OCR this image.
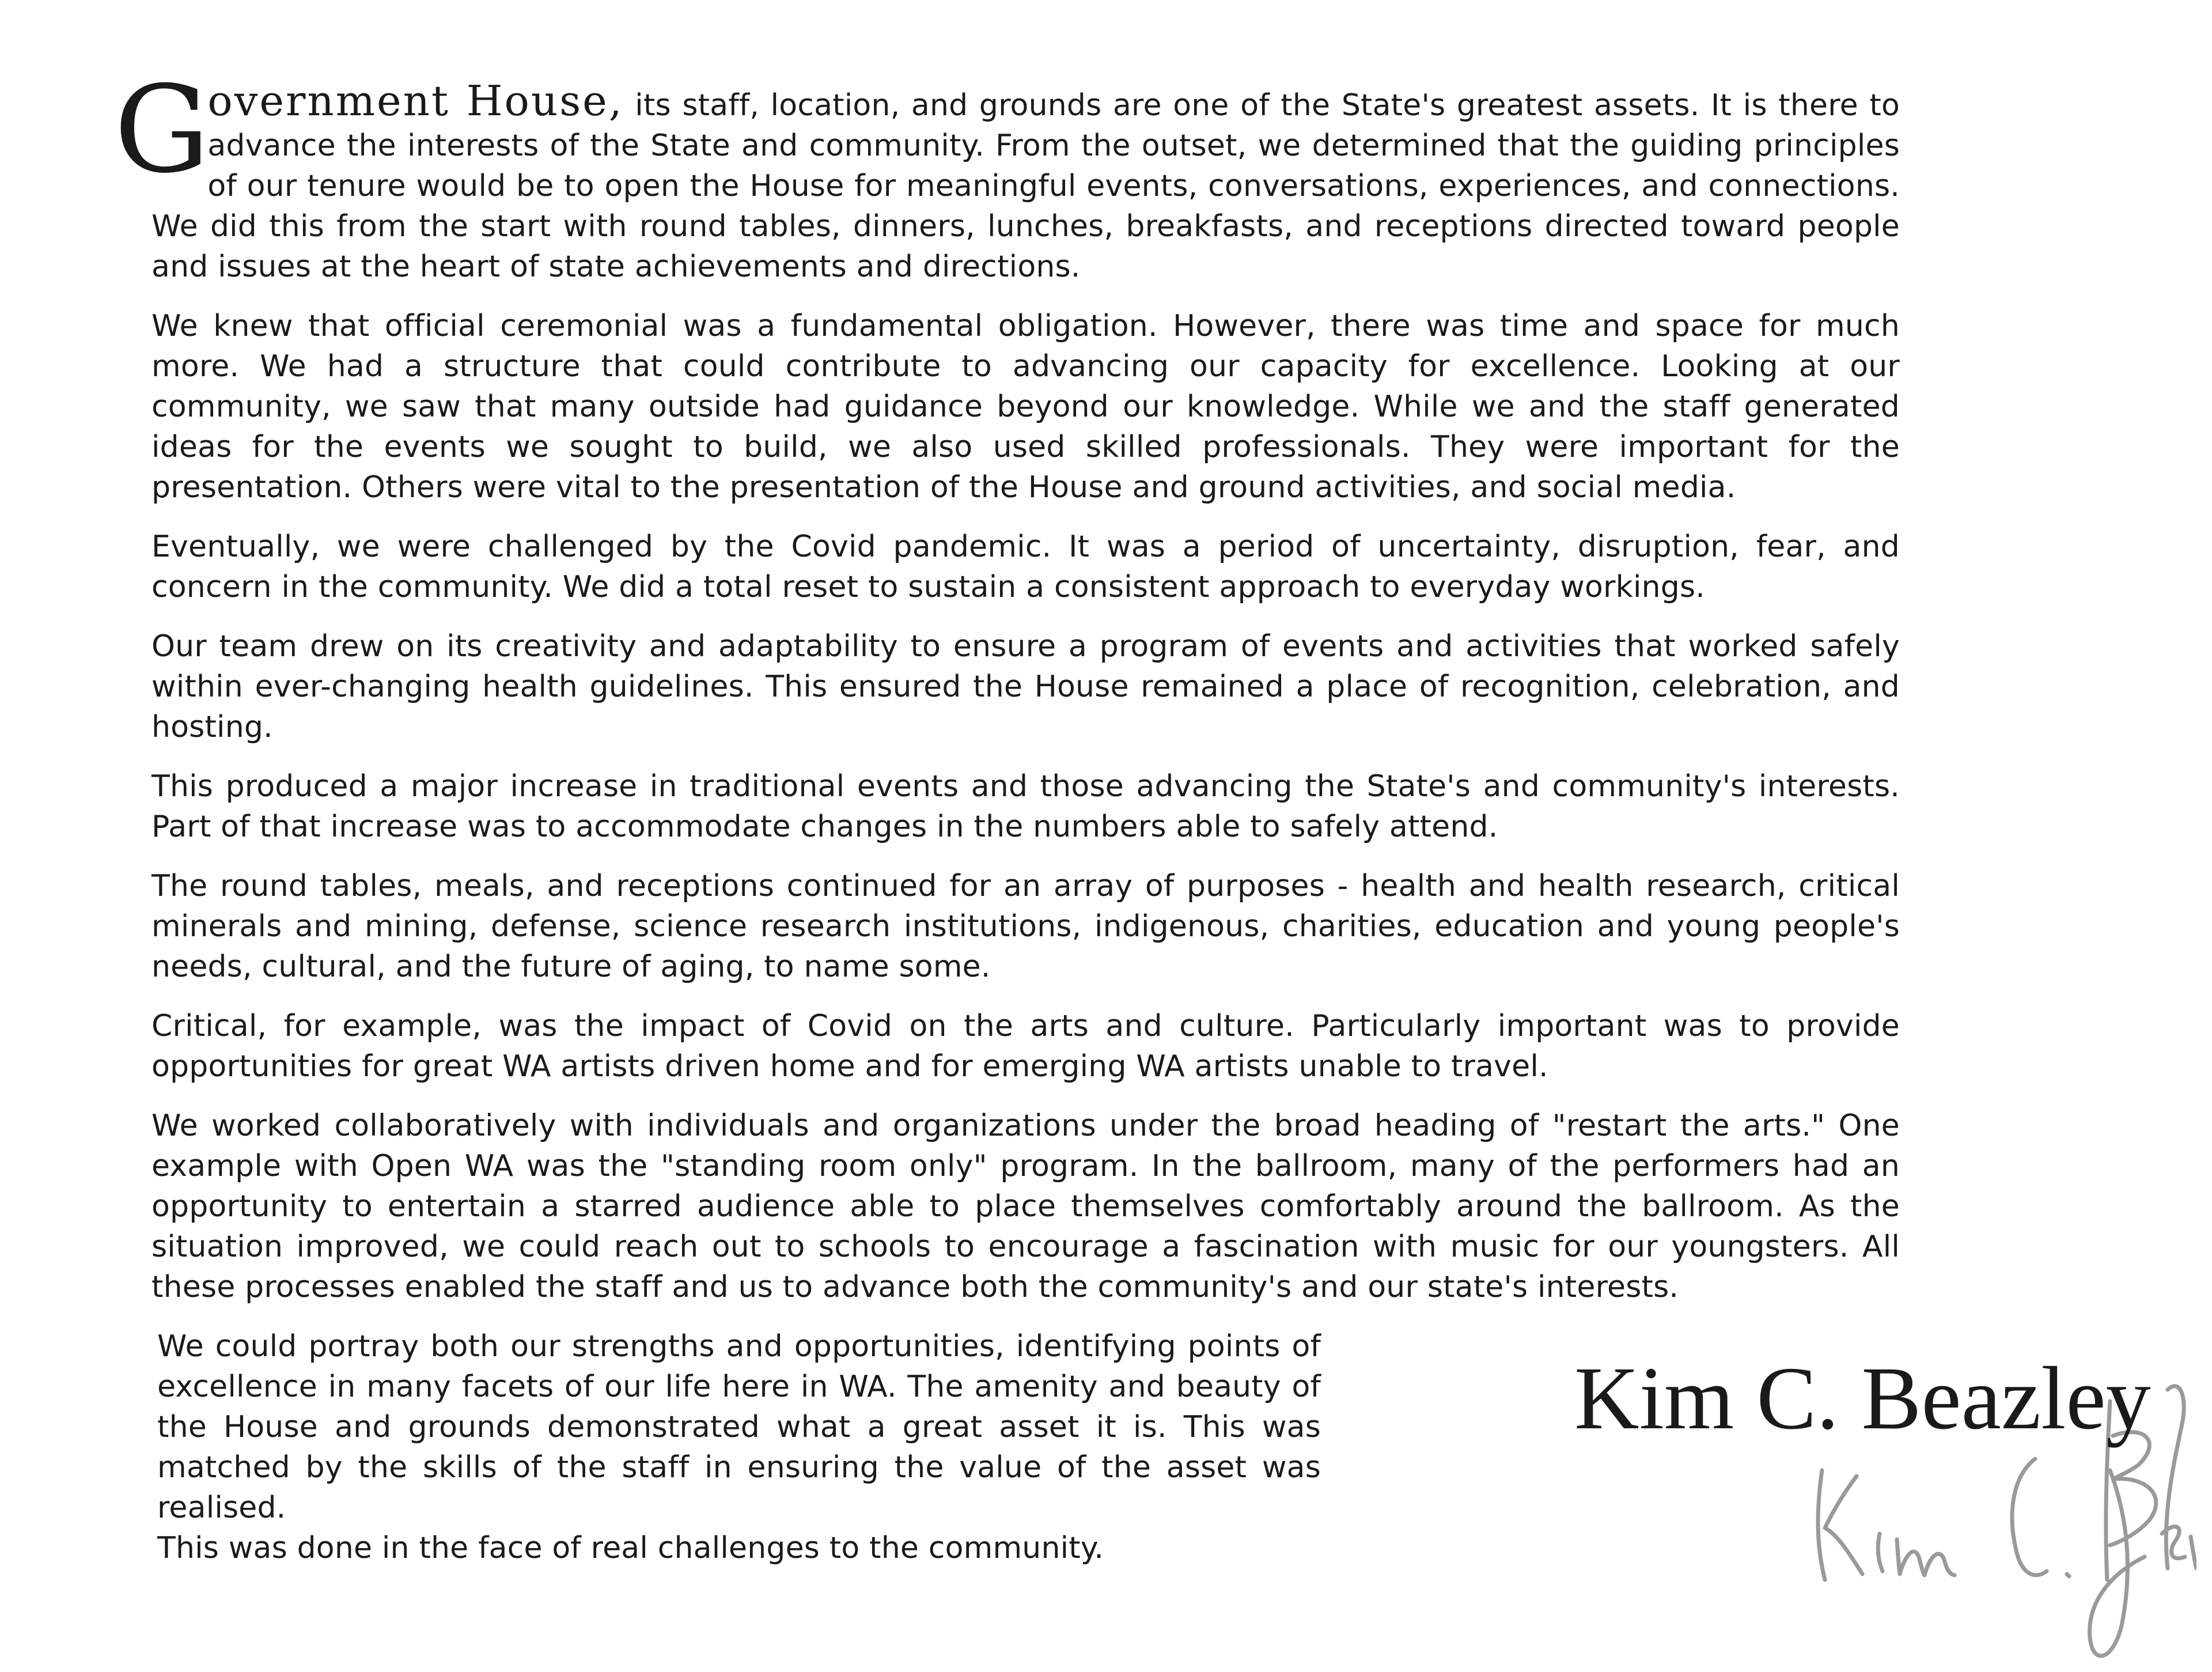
G
overnment House, its staff, location, and grounds are one of the State's greatest assets. It is there to advance the interests of the State and community. From the outset, we determined that the guiding principles of our tenure would be to open the House for meaningful events, conversations, experiences, and connections. We did this from the start with round tables, dinners, lunches, breakfasts, and receptions directed toward people and issues at the heart of state achievements and directions.

We knew that official ceremonial was a fundamental obligation. However, there was time and space for much more. We had a structure that could contribute to advancing our capacity for excellence. Looking at our community, we saw that many outside had guidance beyond our knowledge. While we and the staff generated ideas for the events we sought to build, we also used skilled professionals. They were important for the presentation. Others were vital to the presentation of the House and ground activities, and social media.

Eventually, we were challenged by the Covid pandemic. It was a period of uncertainty, disruption, fear, and concern in the community. We did a total reset to sustain a consistent approach to everyday workings.

Our team drew on its creativity and adaptability to ensure a program of events and activities that worked safely within ever-changing health guidelines. This ensured the House remained a place of recognition, celebration, and hosting.

This produced a major increase in traditional events and those advancing the State's and community's interests. Part of that increase was to accommodate changes in the numbers able to safely attend.

The round tables, meals, and receptions continued for an array of purposes - health and health research, critical minerals and mining, defense, science research institutions, indigenous, charities, education and young people's needs, cultural, and the future of aging, to name some.

Critical, for example, was the impact of Covid on the arts and culture. Particularly important was to provide opportunities for great WA artists driven home and for emerging WA artists unable to travel.

We worked collaboratively with individuals and organizations under the broad heading of "restart the arts." One example with Open WA was the "standing room only" program. In the ballroom, many of the performers had an opportunity to entertain a starred audience able to place themselves comfortably around the ballroom. As the situation improved, we could reach out to schools to encourage a fascination with music for our youngsters. All these processes enabled the staff and us to advance both the community's and our state's interests.

We could portray both our strengths and opportunities, identifying points of excellence in many facets of our life here in WA. The amenity and beauty of the House and grounds demonstrated what a great asset it is. This was matched by the skills of the staff in ensuring the value of the asset was realised.
This was done in the face of real challenges to the community.
Kim C. Beazley
